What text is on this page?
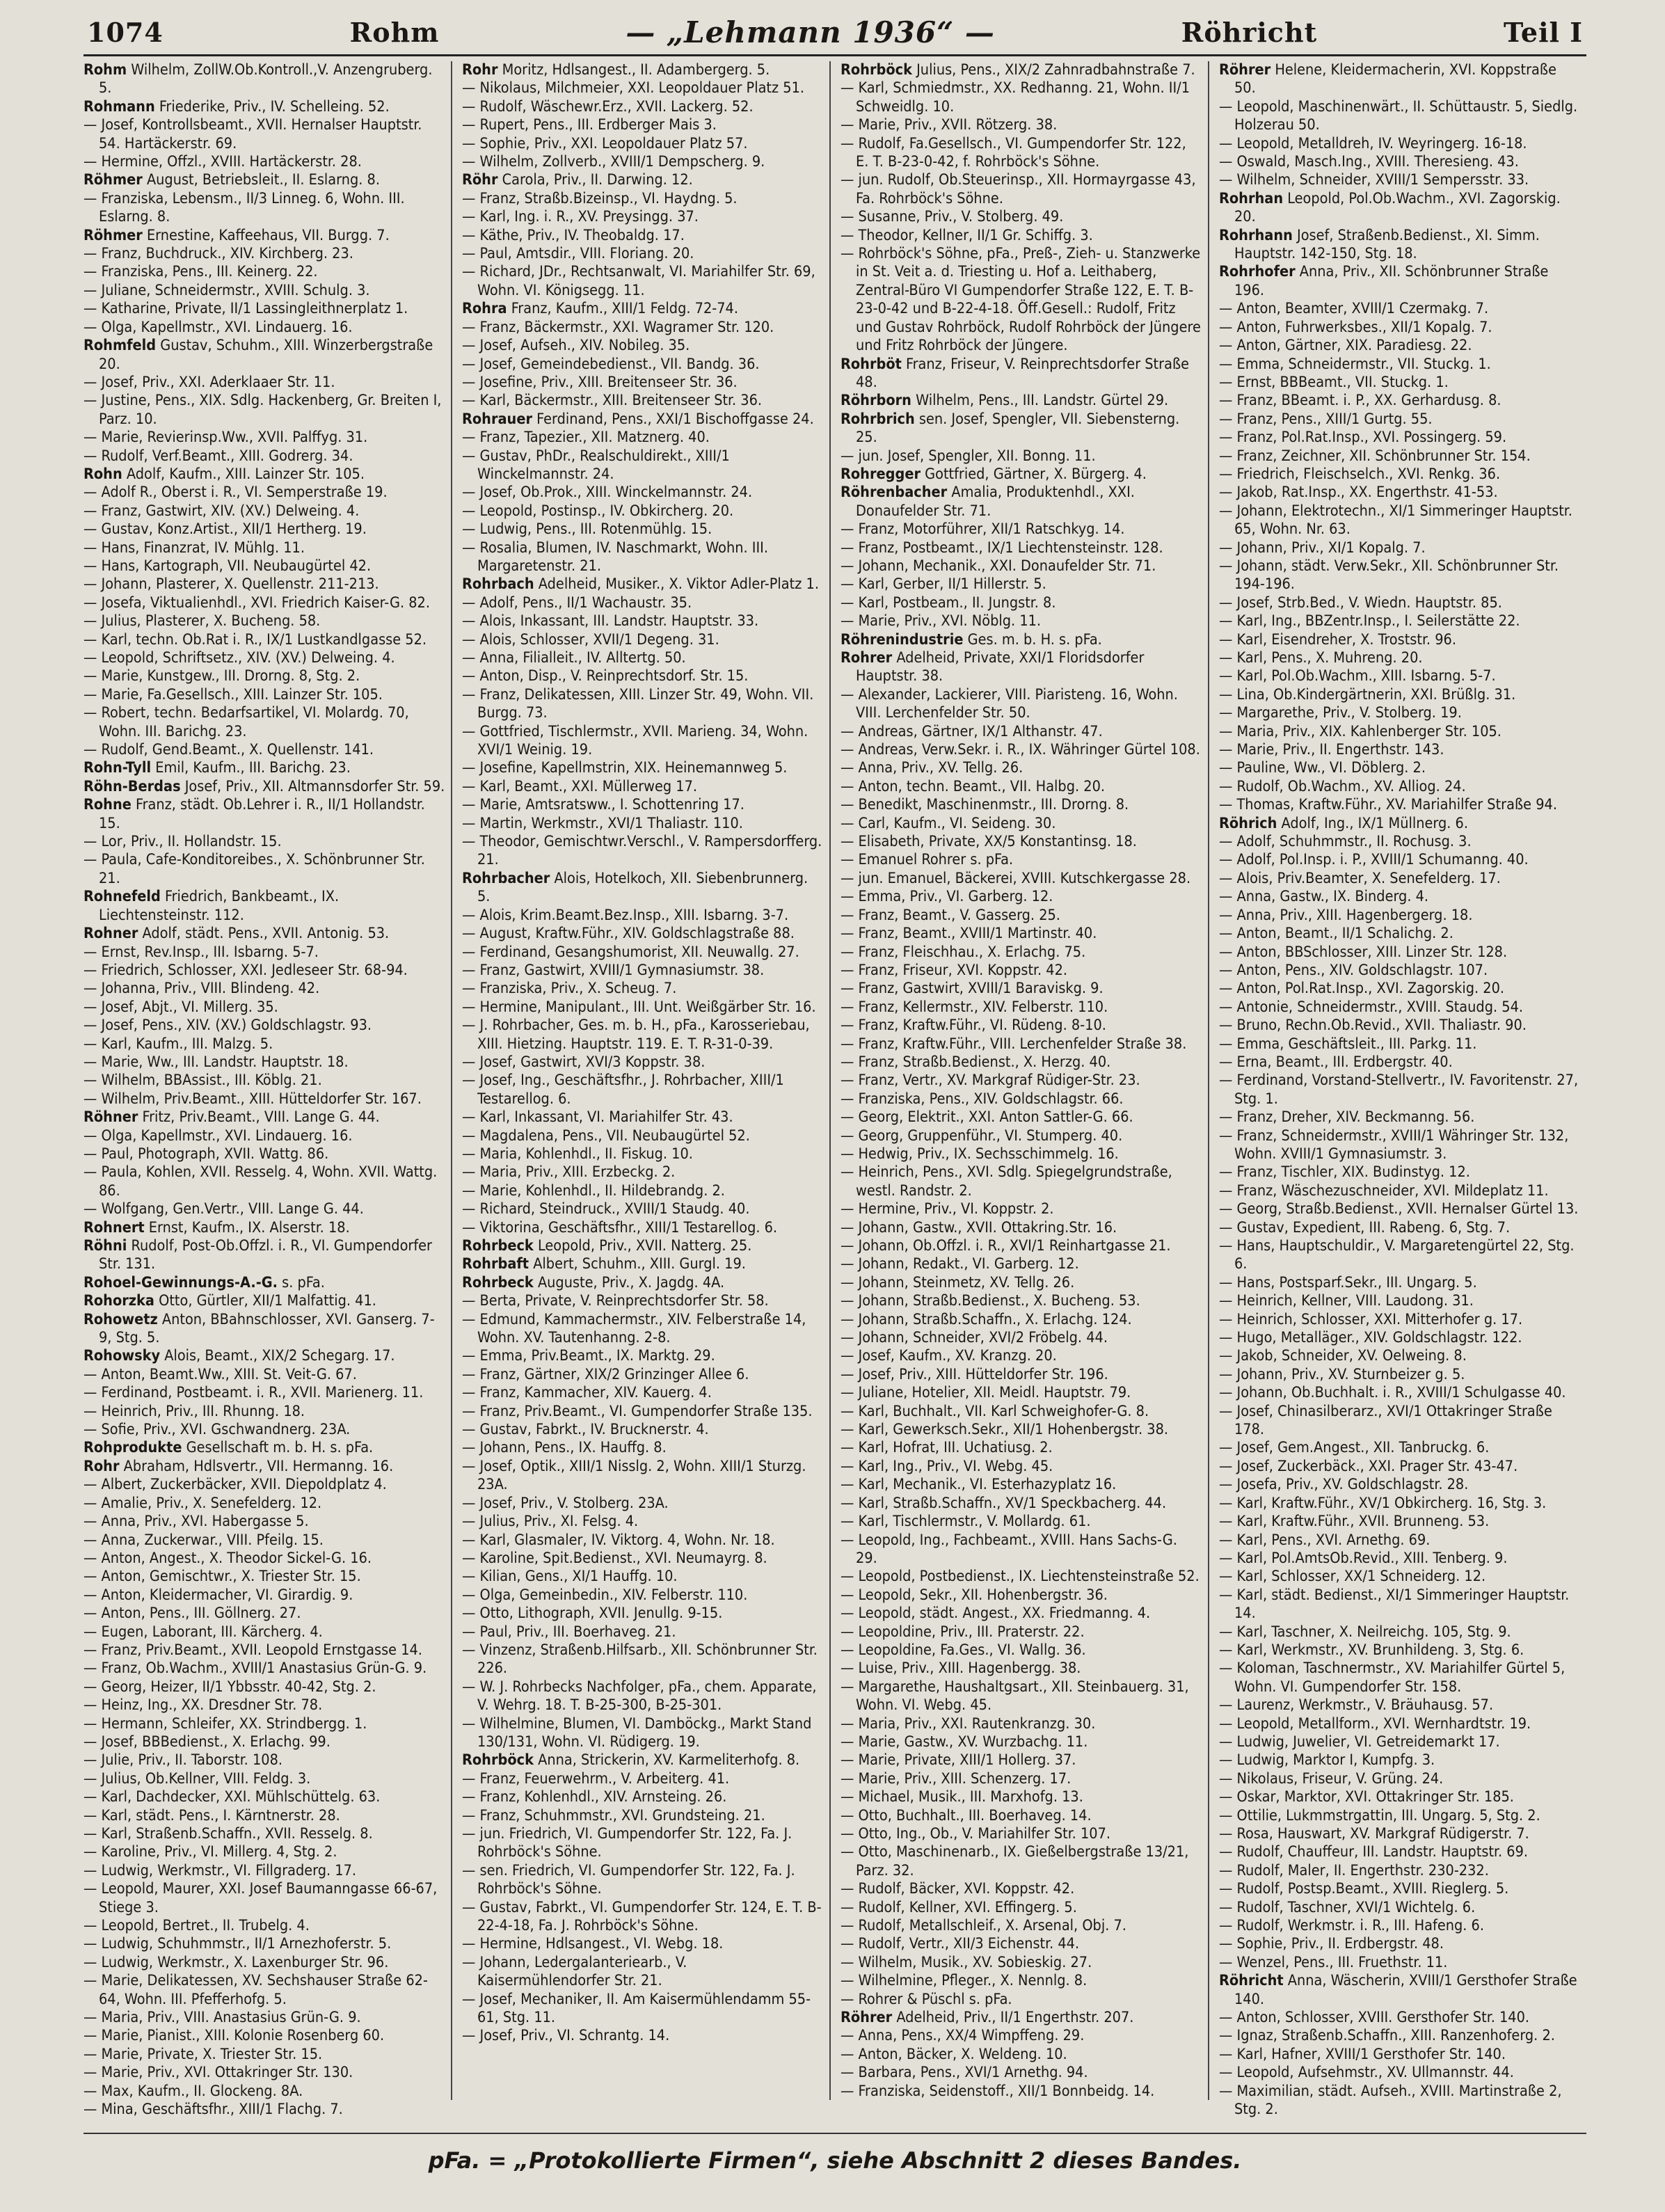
1074	Rohm	— „Lehmann 1936“ —	Röhricht	Teil I
Rohm Wilhelm, ZollW.Ob.Kontroll.,V. Anzengruberg. 5.
Rohmann Friederike, Priv., IV. Schelleing. 52.
— Josef, Kontrollsbeamt., XVII. Hernalser Hauptstr. 54. Hartäckerstr. 69.
— Hermine, Offzl., XVIII. Hartäckerstr. 28.
Röhmer August, Betriebsleit., II. Eslarng. 8.
— Franziska, Lebensm., II/3 Linneg. 6, Wohn. III. Eslarng. 8.
Röhmer Ernestine, Kaffeehaus, VII. Burgg. 7.
— Franz, Buchdruck., XIV. Kirchberg. 23.
— Franziska, Pens., III. Keinerg. 22.
— Juliane, Schneidermstr., XVIII. Schulg. 3.
— Katharine, Private, II/1 Lassingleithnerplatz 1.
— Olga, Kapellmstr., XVI. Lindauerg. 16.
Rohmfeld Gustav, Schuhm., XIII. Winzerbergstraße 20.
— Josef, Priv., XXI. Aderklaaer Str. 11.
— Justine, Pens., XIX. Sdlg. Hackenberg, Gr. Breiten I, Parz. 10.
— Marie, Revierinsp.Ww., XVII. Palffyg. 31.
— Rudolf, Verf.Beamt., XIII. Godrerg. 34.
Rohn Adolf, Kaufm., XIII. Lainzer Str. 105.
— Adolf R., Oberst i. R., VI. Semperstraße 19.
— Franz, Gastwirt, XIV. (XV.) Delweing. 4.
— Gustav, Konz.Artist., XII/1 Hertherg. 19.
— Hans, Finanzrat, IV. Mühlg. 11.
— Hans, Kartograph, VII. Neubaugürtel 42.
— Johann, Plasterer, X. Quellenstr. 211-213.
— Josefa, Viktualienhdl., XVI. Friedrich Kaiser-G. 82.
— Julius, Plasterer, X. Bucheng. 58.
— Karl, techn. Ob.Rat i. R., IX/1 Lustkandlgasse 52.
— Leopold, Schriftsetz., XIV. (XV.) Delweing. 4.
— Marie, Kunstgew., III. Drorng. 8, Stg. 2.
— Marie, Fa.Gesellsch., XIII. Lainzer Str. 105.
— Robert, techn. Bedarfsartikel, VI. Molardg. 70, Wohn. III. Barichg. 23.
— Rudolf, Gend.Beamt., X. Quellenstr. 141.
Rohn-Tyll Emil, Kaufm., III. Barichg. 23.
Röhn-Berdas Josef, Priv., XII. Altmannsdorfer Str. 59.
Rohne Franz, städt. Ob.Lehrer i. R., II/1 Hollandstr. 15.
— Lor, Priv., II. Hollandstr. 15.
— Paula, Cafe-Konditoreibes., X. Schönbrunner Str. 21.
Rohnefeld Friedrich, Bankbeamt., IX. Liechtensteinstr. 112.
Rohner Adolf, städt. Pens., XVII. Antonig. 53.
— Ernst, Rev.Insp., III. Isbarng. 5-7.
— Friedrich, Schlosser, XXI. Jedleseer Str. 68-94.
— Johanna, Priv., VIII. Blindeng. 42.
— Josef, Abjt., VI. Millerg. 35.
— Josef, Pens., XIV. (XV.) Goldschlagstr. 93.
— Karl, Kaufm., III. Malzg. 5.
— Marie, Ww., III. Landstr. Hauptstr. 18.
— Wilhelm, BBAssist., III. Köblg. 21.
— Wilhelm, Priv.Beamt., XIII. Hütteldorfer Str. 167.
Röhner Fritz, Priv.Beamt., VIII. Lange G. 44.
— Olga, Kapellmstr., XVI. Lindauerg. 16.
— Paul, Photograph, XVII. Wattg. 86.
— Paula, Kohlen, XVII. Resselg. 4, Wohn. XVII. Wattg. 86.
— Wolfgang, Gen.Vertr., VIII. Lange G. 44.
Rohnert Ernst, Kaufm., IX. Alserstr. 18.
Röhni Rudolf, Post-Ob.Offzl. i. R., VI. Gumpendorfer Str. 131.
Rohoel-Gewinnungs-A.-G. s. pFa.
Rohorzka Otto, Gürtler, XII/1 Malfattig. 41.
Rohowetz Anton, BBahnschlosser, XVI. Ganserg. 7-9, Stg. 5.
Rohowsky Alois, Beamt., XIX/2 Schegarg. 17.
— Anton, Beamt.Ww., XIII. St. Veit-G. 67.
— Ferdinand, Postbeamt. i. R., XVII. Marienerg. 11.
— Heinrich, Priv., III. Rhunng. 18.
— Sofie, Priv., XVI. Gschwandnerg. 23A.
Rohprodukte Gesellschaft m. b. H. s. pFa.
Rohr Abraham, Hdlsvertr., VII. Hermanng. 16.
— Albert, Zuckerbäcker, XVII. Diepoldplatz 4.
— Amalie, Priv., X. Senefelderg. 12.
— Anna, Priv., XVI. Habergasse 5.
— Anna, Zuckerwar., VIII. Pfeilg. 15.
— Anton, Angest., X. Theodor Sickel-G. 16.
— Anton, Gemischtwr., X. Triester Str. 15.
— Anton, Kleidermacher, VI. Girardig. 9.
— Anton, Pens., III. Göllnerg. 27.
— Eugen, Laborant, III. Kärcherg. 4.
— Franz, Priv.Beamt., XVII. Leopold Ernstgasse 14.
— Franz, Ob.Wachm., XVIII/1 Anastasius Grün-G. 9.
— Georg, Heizer, II/1 Ybbsstr. 40-42, Stg. 2.
— Heinz, Ing., XX. Dresdner Str. 78.
— Hermann, Schleifer, XX. Strindbergg. 1.
— Josef, BBBedienst., X. Erlachg. 99.
— Julie, Priv., II. Taborstr. 108.
— Julius, Ob.Kellner, VIII. Feldg. 3.
— Karl, Dachdecker, XXI. Mühlschüttelg. 63.
— Karl, städt. Pens., I. Kärntnerstr. 28.
— Karl, Straßenb.Schaffn., XVII. Resselg. 8.
— Karoline, Priv., VI. Millerg. 4, Stg. 2.
— Ludwig, Werkmstr., VI. Fillgraderg. 17.
— Leopold, Maurer, XXI. Josef Baumanngasse 66-67, Stiege 3.
— Leopold, Bertret., II. Trubelg. 4.
— Ludwig, Schuhmmstr., II/1 Arnezhoferstr. 5.
— Ludwig, Werkmstr., X. Laxenburger Str. 96.
— Marie, Delikatessen, XV. Sechshauser Straße 62-64, Wohn. III. Pfefferhofg. 5.
— Maria, Priv., VIII. Anastasius Grün-G. 9.
— Marie, Pianist., XIII. Kolonie Rosenberg 60.
— Marie, Private, X. Triester Str. 15.
— Marie, Priv., XVI. Ottakringer Str. 130.
— Max, Kaufm., II. Glockeng. 8A.
— Mina, Geschäftsfhr., XIII/1 Flachg. 7.
Rohr Moritz, Hdlsangest., II. Adambergerg. 5.
— Nikolaus, Milchmeier, XXI. Leopoldauer Platz 51.
— Rudolf, Wäschewr.Erz., XVII. Lackerg. 52.
— Rupert, Pens., III. Erdberger Mais 3.
— Sophie, Priv., XXI. Leopoldauer Platz 57.
— Wilhelm, Zollverb., XVIII/1 Dempscherg. 9.
Röhr Carola, Priv., II. Darwing. 12.
— Franz, Straßb.Bizeinsp., VI. Haydng. 5.
— Karl, Ing. i. R., XV. Preysingg. 37.
— Käthe, Priv., IV. Theobaldg. 17.
— Paul, Amtsdir., VIII. Floriang. 20.
— Richard, JDr., Rechtsanwalt, VI. Mariahilfer Str. 69, Wohn. VI. Königsegg. 11.
Rohra Franz, Kaufm., XIII/1 Feldg. 72-74.
— Franz, Bäckermstr., XXI. Wagramer Str. 120.
— Josef, Aufseh., XIV. Nobileg. 35.
— Josef, Gemeindebedienst., VII. Bandg. 36.
— Josefine, Priv., XIII. Breitenseer Str. 36.
— Karl, Bäckermstr., XIII. Breitenseer Str. 36.
Rohrauer Ferdinand, Pens., XXI/1 Bischoffgasse 24.
— Franz, Tapezier., XII. Matznerg. 40.
— Gustav, PhDr., Realschuldirekt., XIII/1 Winckelmannstr. 24.
— Josef, Ob.Prok., XIII. Winckelmannstr. 24.
— Leopold, Postinsp., IV. Obkircherg. 20.
— Ludwig, Pens., III. Rotenmühlg. 15.
— Rosalia, Blumen, IV. Naschmarkt, Wohn. III. Margaretenstr. 21.
Rohrbach Adelheid, Musiker., X. Viktor Adler-Platz 1.
— Adolf, Pens., II/1 Wachaustr. 35.
— Alois, Inkassant, III. Landstr. Hauptstr. 33.
— Alois, Schlosser, XVII/1 Degeng. 31.
— Anna, Filialleit., IV. Alltertg. 50.
— Anton, Disp., V. Reinprechtsdorf. Str. 15.
— Franz, Delikatessen, XIII. Linzer Str. 49, Wohn. VII. Burgg. 73.
— Gottfried, Tischlermstr., XVII. Marieng. 34, Wohn. XVI/1 Weinig. 19.
— Josefine, Kapellmstrin, XIX. Heinemannweg 5.
— Karl, Beamt., XXI. Müllerweg 17.
— Marie, Amtsratsww., I. Schottenring 17.
— Martin, Werkmstr., XVI/1 Thaliastr. 110.
— Theodor, Gemischtwr.Verschl., V. Rampersdorfferg. 21.
Rohrbacher Alois, Hotelkoch, XII. Siebenbrunnerg. 5.
— Alois, Krim.Beamt.Bez.Insp., XIII. Isbarng. 3-7.
— August, Kraftw.Führ., XIV. Goldschlagstraße 88.
— Ferdinand, Gesangshumorist, XII. Neuwallg. 27.
— Franz, Gastwirt, XVIII/1 Gymnasiumstr. 38.
— Franziska, Priv., X. Scheug. 7.
— Hermine, Manipulant., III. Unt. Weißgärber Str. 16.
— J. Rohrbacher, Ges. m. b. H., pFa., Karosseriebau, XIII. Hietzing. Hauptstr. 119. E. T. R-31-0-39.
— Josef, Gastwirt, XVI/3 Koppstr. 38.
— Josef, Ing., Geschäftsfhr., J. Rohrbacher, XIII/1 Testarellog. 6.
— Karl, Inkassant, VI. Mariahilfer Str. 43.
— Magdalena, Pens., VII. Neubaugürtel 52.
— Maria, Kohlenhdl., II. Fiskug. 10.
— Maria, Priv., XIII. Erzbeckg. 2.
— Marie, Kohlenhdl., II. Hildebrandg. 2.
— Richard, Steindruck., XVIII/1 Staudg. 40.
— Viktorina, Geschäftsfhr., XIII/1 Testarellog. 6.
Rohrbeck Leopold, Priv., XVII. Natterg. 25.
Rohrbaft Albert, Schuhm., XIII. Gurgl. 19.
Rohrbeck Auguste, Priv., X. Jagdg. 4A.
— Berta, Private, V. Reinprechtsdorfer Str. 58.
— Edmund, Kammachermstr., XIV. Felberstraße 14, Wohn. XV. Tautenhanng. 2-8.
— Emma, Priv.Beamt., IX. Marktg. 29.
— Franz, Gärtner, XIX/2 Grinzinger Allee 6.
— Franz, Kammacher, XIV. Kauerg. 4.
— Franz, Priv.Beamt., VI. Gumpendorfer Straße 135.
— Gustav, Fabrkt., IV. Brucknerstr. 4.
— Johann, Pens., IX. Hauffg. 8.
— Josef, Optik., XIII/1 Nisslg. 2, Wohn. XIII/1 Sturzg. 23A.
— Josef, Priv., V. Stolberg. 23A.
— Julius, Priv., XI. Felsg. 4.
— Karl, Glasmaler, IV. Viktorg. 4, Wohn. Nr. 18.
— Karoline, Spit.Bedienst., XVI. Neumayrg. 8.
— Kilian, Gens., XI/1 Hauffg. 10.
— Olga, Gemeinbedin., XIV. Felberstr. 110.
— Otto, Lithograph, XVII. Jenullg. 9-15.
— Paul, Priv., III. Boerhaveg. 21.
— Vinzenz, Straßenb.Hilfsarb., XII. Schönbrunner Str. 226.
— W. J. Rohrbecks Nachfolger, pFa., chem. Apparate, V. Wehrg. 18. T. B-25-300, B-25-301.
— Wilhelmine, Blumen, VI. Damböckg., Markt Stand 130/131, Wohn. VI. Rüdigerg. 19.
Rohrböck Anna, Strickerin, XV. Karmeliterhofg. 8.
— Franz, Feuerwehrm., V. Arbeiterg. 41.
— Franz, Kohlenhdl., XIV. Arnsteing. 26.
— Franz, Schuhmmstr., XVI. Grundsteing. 21.
— jun. Friedrich, VI. Gumpendorfer Str. 122, Fa. J. Rohrböck's Söhne.
— sen. Friedrich, VI. Gumpendorfer Str. 122, Fa. J. Rohrböck's Söhne.
— Gustav, Fabrkt., VI. Gumpendorfer Str. 124, E. T. B-22-4-18, Fa. J. Rohrböck's Söhne.
— Hermine, Hdlsangest., VI. Webg. 18.
— Johann, Ledergalanteriearb., V. Kaisermühlendorfer Str. 21.
— Josef, Mechaniker, II. Am Kaisermühlendamm 55-61, Stg. 11.
— Josef, Priv., VI. Schrantg. 14.
Rohrböck Julius, Pens., XIX/2 Zahnradbahnstraße 7.
— Karl, Schmiedmstr., XX. Redhanng. 21, Wohn. II/1 Schweidlg. 10.
— Marie, Priv., XVII. Rötzerg. 38.
— Rudolf, Fa.Gesellsch., VI. Gumpendorfer Str. 122, E. T. B-23-0-42, f. Rohrböck's Söhne.
— jun. Rudolf, Ob.Steuerinsp., XII. Hormayrgasse 43, Fa. Rohrböck's Söhne.
— Susanne, Priv., V. Stolberg. 49.
— Theodor, Kellner, II/1 Gr. Schiffg. 3.
— Rohrböck's Söhne, pFa., Preß-, Zieh- u. Stanzwerke in St. Veit a. d. Triesting u. Hof a. Leithaberg, Zentral-Büro VI Gumpendorfer Straße 122, E. T. B-23-0-42 und B-22-4-18. Öff.Gesell.: Rudolf, Fritz und Gustav Rohrböck, Rudolf Rohrböck der Jüngere und Fritz Rohrböck der Jüngere.
Rohrböt Franz, Friseur, V. Reinprechtsdorfer Straße 48.
Röhrborn Wilhelm, Pens., III. Landstr. Gürtel 29.
Rohrbrich sen. Josef, Spengler, VII. Siebensterng. 25.
— jun. Josef, Spengler, XII. Bonng. 11.
Rohregger Gottfried, Gärtner, X. Bürgerg. 4.
Röhrenbacher Amalia, Produktenhdl., XXI. Donaufelder Str. 71.
— Franz, Motorführer, XII/1 Ratschkyg. 14.
— Franz, Postbeamt., IX/1 Liechtensteinstr. 128.
— Johann, Mechanik., XXI. Donaufelder Str. 71.
— Karl, Gerber, II/1 Hillerstr. 5.
— Karl, Postbeam., II. Jungstr. 8.
— Marie, Priv., XVI. Nöblg. 11.
Röhrenindustrie Ges. m. b. H. s. pFa.
Rohrer Adelheid, Private, XXI/1 Floridsdorfer Hauptstr. 38.
— Alexander, Lackierer, VIII. Piaristeng. 16, Wohn. VIII. Lerchenfelder Str. 50.
— Andreas, Gärtner, IX/1 Althanstr. 47.
— Andreas, Verw.Sekr. i. R., IX. Währinger Gürtel 108.
— Anna, Priv., XV. Tellg. 26.
— Anton, techn. Beamt., VII. Halbg. 20.
— Benedikt, Maschinenmstr., III. Drorng. 8.
— Carl, Kaufm., VI. Seideng. 30.
— Elisabeth, Private, XX/5 Konstantinsg. 18.
— Emanuel Rohrer s. pFa.
— jun. Emanuel, Bäckerei, XVIII. Kutschkergasse 28.
— Emma, Priv., VI. Garberg. 12.
— Franz, Beamt., V. Gasserg. 25.
— Franz, Beamt., XVIII/1 Martinstr. 40.
— Franz, Fleischhau., X. Erlachg. 75.
— Franz, Friseur, XVI. Koppstr. 42.
— Franz, Gastwirt, XVIII/1 Baraviskg. 9.
— Franz, Kellermstr., XIV. Felberstr. 110.
— Franz, Kraftw.Führ., VI. Rüdeng. 8-10.
— Franz, Kraftw.Führ., VIII. Lerchenfelder Straße 38.
— Franz, Straßb.Bedienst., X. Herzg. 40.
— Franz, Vertr., XV. Markgraf Rüdiger-Str. 23.
— Franziska, Pens., XIV. Goldschlagstr. 66.
— Georg, Elektrit., XXI. Anton Sattler-G. 66.
— Georg, Gruppenführ., VI. Stumperg. 40.
— Hedwig, Priv., IX. Sechsschimmelg. 16.
— Heinrich, Pens., XVI. Sdlg. Spiegelgrundstraße, westl. Randstr. 2.
— Hermine, Priv., VI. Koppstr. 2.
— Johann, Gastw., XVII. Ottakring.Str. 16.
— Johann, Ob.Offzl. i. R., XVI/1 Reinhartgasse 21.
— Johann, Redakt., VI. Garberg. 12.
— Johann, Steinmetz, XV. Tellg. 26.
— Johann, Straßb.Bedienst., X. Bucheng. 53.
— Johann, Straßb.Schaffn., X. Erlachg. 124.
— Johann, Schneider, XVI/2 Fröbelg. 44.
— Josef, Kaufm., XV. Kranzg. 20.
— Josef, Priv., XIII. Hütteldorfer Str. 196.
— Juliane, Hotelier, XII. Meidl. Hauptstr. 79.
— Karl, Buchhalt., VII. Karl Schweighofer-G. 8.
— Karl, Gewerksch.Sekr., XII/1 Hohenbergstr. 38.
— Karl, Hofrat, III. Uchatiusg. 2.
— Karl, Ing., Priv., VI. Webg. 45.
— Karl, Mechanik., VI. Esterhazyplatz 16.
— Karl, Straßb.Schaffn., XV/1 Speckbacherg. 44.
— Karl, Tischlermstr., V. Mollardg. 61.
— Leopold, Ing., Fachbeamt., XVIII. Hans Sachs-G. 29.
— Leopold, Postbedienst., IX. Liechtensteinstraße 52.
— Leopold, Sekr., XII. Hohenbergstr. 36.
— Leopold, städt. Angest., XX. Friedmanng. 4.
— Leopoldine, Priv., III. Praterstr. 22.
— Leopoldine, Fa.Ges., VI. Wallg. 36.
— Luise, Priv., XIII. Hagenbergg. 38.
— Margarethe, Haushaltgsart., XII. Steinbauerg. 31, Wohn. VI. Webg. 45.
— Maria, Priv., XXI. Rautenkranzg. 30.
— Marie, Gastw., XV. Wurzbachg. 11.
— Marie, Private, XIII/1 Hollerg. 37.
— Marie, Priv., XIII. Schenzerg. 17.
— Michael, Musik., III. Marxhofg. 13.
— Otto, Buchhalt., III. Boerhaveg. 14.
— Otto, Ing., Ob., V. Mariahilfer Str. 107.
— Otto, Maschinenarb., IX. Gießelbergstraße 13/21, Parz. 32.
— Rudolf, Bäcker, XVI. Koppstr. 42.
— Rudolf, Kellner, XVI. Effingerg. 5.
— Rudolf, Metallschleif., X. Arsenal, Obj. 7.
— Rudolf, Vertr., XII/3 Eichenstr. 44.
— Wilhelm, Musik., XV. Sobieskig. 27.
— Wilhelmine, Pfleger., X. Nennlg. 8.
— Rohrer & Püschl s. pFa.
Röhrer Adelheid, Priv., II/1 Engerthstr. 207.
— Anna, Pens., XX/4 Wimpffeng. 29.
— Anton, Bäcker, X. Weldeng. 10.
— Barbara, Pens., XVI/1 Arnethg. 94.
— Franziska, Seidenstoff., XII/1 Bonnbeidg. 14.
Röhrer Helene, Kleidermacherin, XVI. Koppstraße 50.
— Leopold, Maschinenwärt., II. Schüttaustr. 5, Siedlg. Holzerau 50.
— Leopold, Metalldreh, IV. Weyringerg. 16-18.
— Oswald, Masch.Ing., XVIII. Theresieng. 43.
— Wilhelm, Schneider, XVIII/1 Sempersstr. 33.
Rohrhan Leopold, Pol.Ob.Wachm., XVI. Zagorskig. 20.
Rohrhann Josef, Straßenb.Bedienst., XI. Simm. Hauptstr. 142-150, Stg. 18.
Rohrhofer Anna, Priv., XII. Schönbrunner Straße 196.
— Anton, Beamter, XVIII/1 Czermakg. 7.
— Anton, Fuhrwerksbes., XII/1 Kopalg. 7.
— Anton, Gärtner, XIX. Paradiesg. 22.
— Emma, Schneidermstr., VII. Stuckg. 1.
— Ernst, BBBeamt., VII. Stuckg. 1.
— Franz, BBeamt. i. P., XX. Gerhardusg. 8.
— Franz, Pens., XIII/1 Gurtg. 55.
— Franz, Pol.Rat.Insp., XVI. Possingerg. 59.
— Franz, Zeichner, XII. Schönbrunner Str. 154.
— Friedrich, Fleischselch., XVI. Renkg. 36.
— Jakob, Rat.Insp., XX. Engerthstr. 41-53.
— Johann, Elektrotechn., XI/1 Simmeringer Hauptstr. 65, Wohn. Nr. 63.
— Johann, Priv., XI/1 Kopalg. 7.
— Johann, städt. Verw.Sekr., XII. Schönbrunner Str. 194-196.
— Josef, Strb.Bed., V. Wiedn. Hauptstr. 85.
— Karl, Ing., BBZentr.Insp., I. Seilerstätte 22.
— Karl, Eisendreher, X. Troststr. 96.
— Karl, Pens., X. Muhreng. 20.
— Karl, Pol.Ob.Wachm., XIII. Isbarng. 5-7.
— Lina, Ob.Kindergärtnerin, XXI. Brüßlg. 31.
— Margarethe, Priv., V. Stolberg. 19.
— Maria, Priv., XIX. Kahlenberger Str. 105.
— Marie, Priv., II. Engerthstr. 143.
— Pauline, Ww., VI. Döblerg. 2.
— Rudolf, Ob.Wachm., XV. Alliog. 24.
— Thomas, Kraftw.Führ., XV. Mariahilfer Straße 94.
Röhrich Adolf, Ing., IX/1 Müllnerg. 6.
— Adolf, Schuhmmstr., II. Rochusg. 3.
— Adolf, Pol.Insp. i. P., XVIII/1 Schumanng. 40.
— Alois, Priv.Beamter, X. Senefelderg. 17.
— Anna, Gastw., IX. Binderg. 4.
— Anna, Priv., XIII. Hagenbergerg. 18.
— Anton, Beamt., II/1 Schalichg. 2.
— Anton, BBSchlosser, XIII. Linzer Str. 128.
— Anton, Pens., XIV. Goldschlagstr. 107.
— Anton, Pol.Rat.Insp., XVI. Zagorskig. 20.
— Antonie, Schneidermstr., XVIII. Staudg. 54.
— Bruno, Rechn.Ob.Revid., XVII. Thaliastr. 90.
— Emma, Geschäftsleit., III. Parkg. 11.
— Erna, Beamt., III. Erdbergstr. 40.
— Ferdinand, Vorstand-Stellvertr., IV. Favoritenstr. 27, Stg. 1.
— Franz, Dreher, XIV. Beckmanng. 56.
— Franz, Schneidermstr., XVIII/1 Währinger Str. 132, Wohn. XVIII/1 Gymnasiumstr. 3.
— Franz, Tischler, XIX. Budinstyg. 12.
— Franz, Wäschezuschneider, XVI. Mildeplatz 11.
— Georg, Straßb.Bedienst., XVII. Hernalser Gürtel 13.
— Gustav, Expedient, III. Rabeng. 6, Stg. 7.
— Hans, Hauptschuldir., V. Margaretengürtel 22, Stg. 6.
— Hans, Postsparf.Sekr., III. Ungarg. 5.
— Heinrich, Kellner, VIII. Laudong. 31.
— Heinrich, Schlosser, XXI. Mitterhofer g. 17.
— Hugo, Metalläger., XIV. Goldschlagstr. 122.
— Jakob, Schneider, XV. Oelweing. 8.
— Johann, Priv., XV. Sturnbeizer g. 5.
— Johann, Ob.Buchhalt. i. R., XVIII/1 Schulgasse 40.
— Josef, Chinasilberarz., XVI/1 Ottakringer Straße 178.
— Josef, Gem.Angest., XII. Tanbruckg. 6.
— Josef, Zuckerbäck., XXI. Prager Str. 43-47.
— Josefa, Priv., XV. Goldschlagstr. 28.
— Karl, Kraftw.Führ., XV/1 Obkircherg. 16, Stg. 3.
— Karl, Kraftw.Führ., XVII. Brunneng. 53.
— Karl, Pens., XVI. Arnethg. 69.
— Karl, Pol.AmtsOb.Revid., XIII. Tenberg. 9.
— Karl, Schlosser, XX/1 Schneiderg. 12.
— Karl, städt. Bedienst., XI/1 Simmeringer Hauptstr. 14.
— Karl, Taschner, X. Neilreichg. 105, Stg. 9.
— Karl, Werkmstr., XV. Brunhildeng. 3, Stg. 6.
— Koloman, Taschnermstr., XV. Mariahilfer Gürtel 5, Wohn. VI. Gumpendorfer Str. 158.
— Laurenz, Werkmstr., V. Bräuhausg. 57.
— Leopold, Metallform., XVI. Wernhardtstr. 19.
— Ludwig, Juwelier, VI. Getreidemarkt 17.
— Ludwig, Marktor I, Kumpfg. 3.
— Nikolaus, Friseur, V. Grüng. 24.
— Oskar, Marktor, XVI. Ottakringer Str. 185.
— Ottilie, Lukmmstrgattin, III. Ungarg. 5, Stg. 2.
— Rosa, Hauswart, XV. Markgraf Rüdigerstr. 7.
— Rudolf, Chauffeur, III. Landstr. Hauptstr. 69.
— Rudolf, Maler, II. Engerthstr. 230-232.
— Rudolf, Postsp.Beamt., XVIII. Rieglerg. 5.
— Rudolf, Taschner, XVI/1 Wichtelg. 6.
— Rudolf, Werkmstr. i. R., III. Hafeng. 6.
— Sophie, Priv., II. Erdbergstr. 48.
— Wenzel, Pens., III. Fruethstr. 11.
Röhricht Anna, Wäscherin, XVIII/1 Gersthofer Straße 140.
— Anton, Schlosser, XVIII. Gersthofer Str. 140.
— Ignaz, Straßenb.Schaffn., XIII. Ranzenhoferg. 2.
— Karl, Hafner, XVIII/1 Gersthofer Str. 140.
— Leopold, Aufsehmstr., XV. Ullmannstr. 44.
— Maximilian, städt. Aufseh., XVIII. Martinstraße 2, Stg. 2.
pFa. = „Protokollierte Firmen“, siehe Abschnitt 2 dieses Bandes.
